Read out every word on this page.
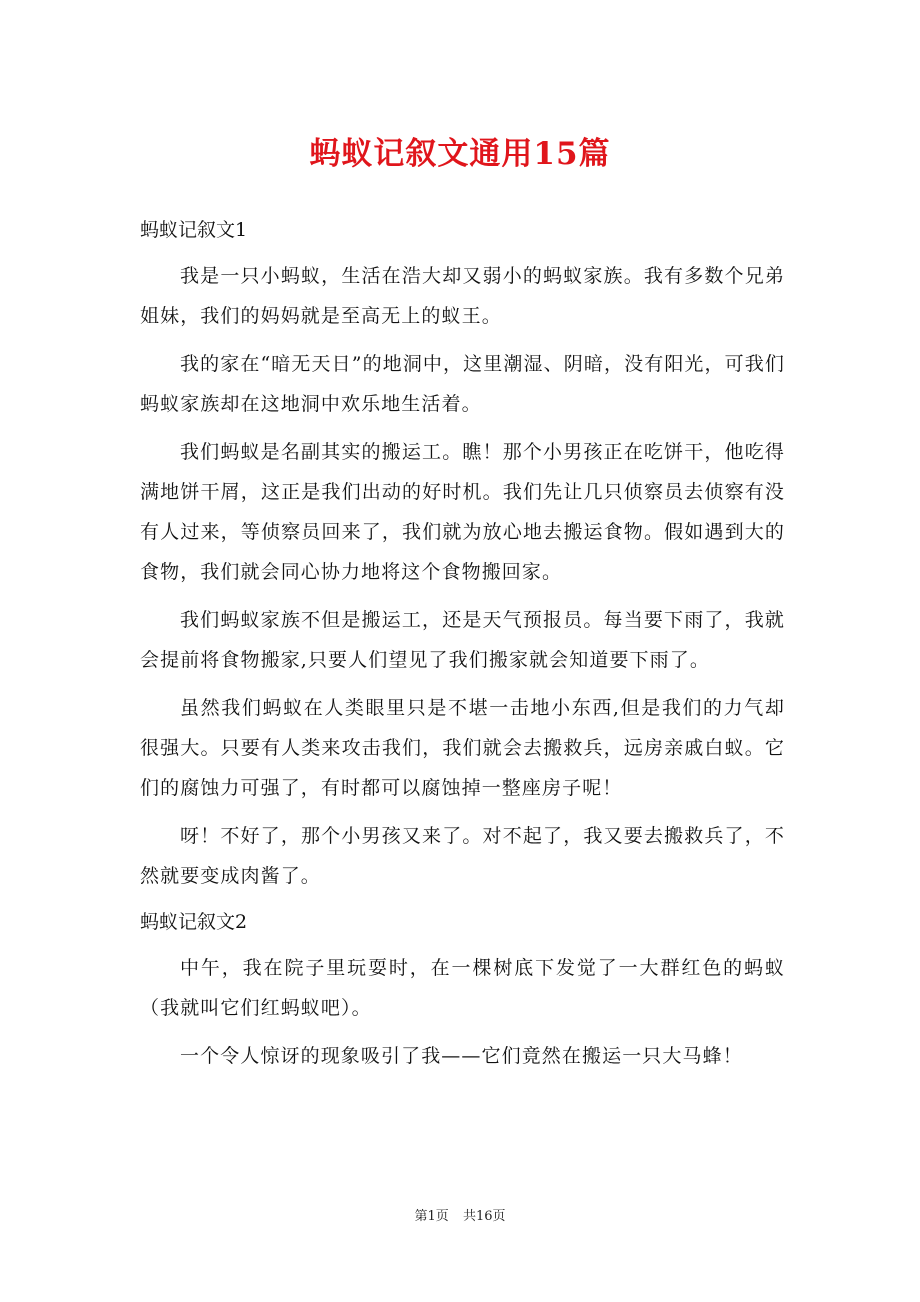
蚂蚁记叙文通用15篇

蚂蚁记叙文1

我是一只小蚂蚁，生活在浩大却又弱小的蚂蚁家族。我有多数个兄弟姐妹，我们的妈妈就是至高无上的蚁王。

我的家在“暗无天日”的地洞中，这里潮湿、阴暗，没有阳光，可我们蚂蚁家族却在这地洞中欢乐地生活着。

我们蚂蚁是名副其实的搬运工。瞧！那个小男孩正在吃饼干，他吃得满地饼干屑，这正是我们出动的好时机。我们先让几只侦察员去侦察有没有人过来，等侦察员回来了，我们就为放心地去搬运食物。假如遇到大的食物，我们就会同心协力地将这个食物搬回家。

我们蚂蚁家族不但是搬运工，还是天气预报员。每当要下雨了，我就会提前将食物搬家,只要人们望见了我们搬家就会知道要下雨了。

虽然我们蚂蚁在人类眼里只是不堪一击地小东西,但是我们的力气却很强大。只要有人类来攻击我们，我们就会去搬救兵，远房亲戚白蚁。它们的腐蚀力可强了，有时都可以腐蚀掉一整座房子呢！

呀！不好了，那个小男孩又来了。对不起了，我又要去搬救兵了，不然就要变成肉酱了。

蚂蚁记叙文2

中午，我在院子里玩耍时，在一棵树底下发觉了一大群红色的蚂蚁（我就叫它们红蚂蚁吧）。

一个令人惊讶的现象吸引了我——它们竟然在搬运一只大马蜂！

第1页 共16页
